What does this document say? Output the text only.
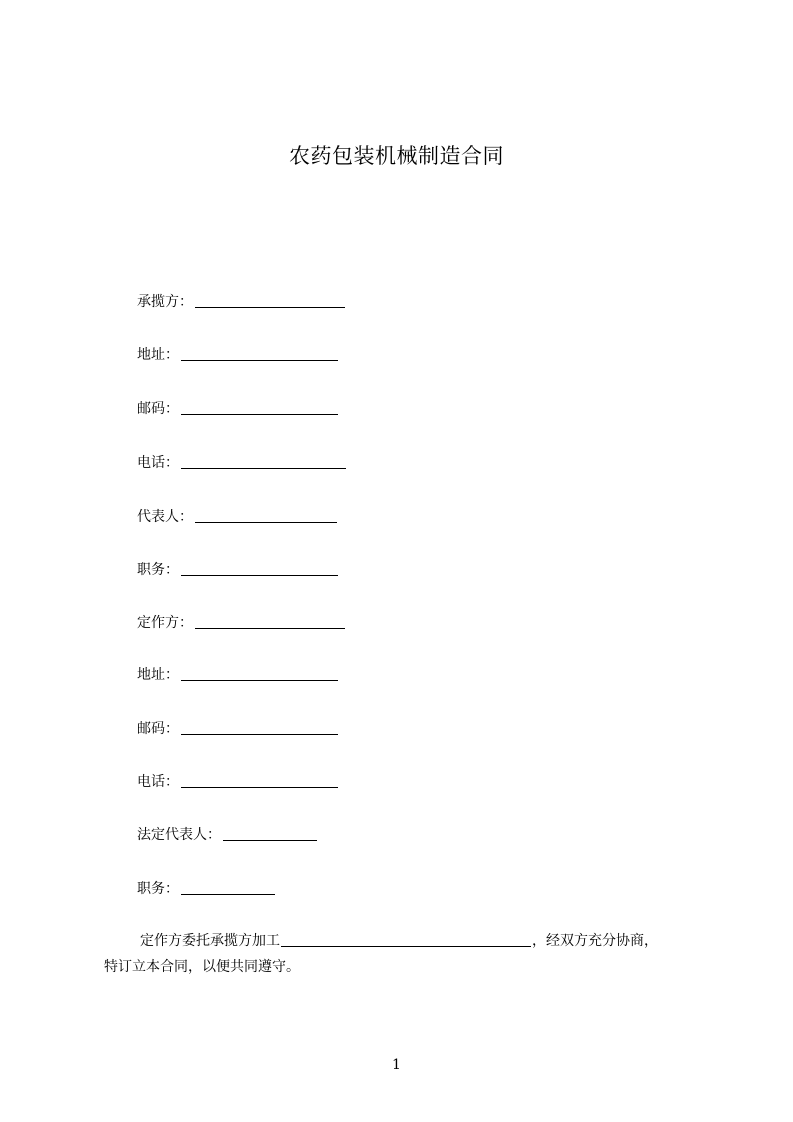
农药包装机械制造合同
承揽方：
地址：
邮码：
电话：
代表人：
职务：
定作方：
地址：
邮码：
电话：
法定代表人：
职务：
定作方委托承揽方加工	，经双方充分协商，
特订立本合同，以便共同遵守。
1
